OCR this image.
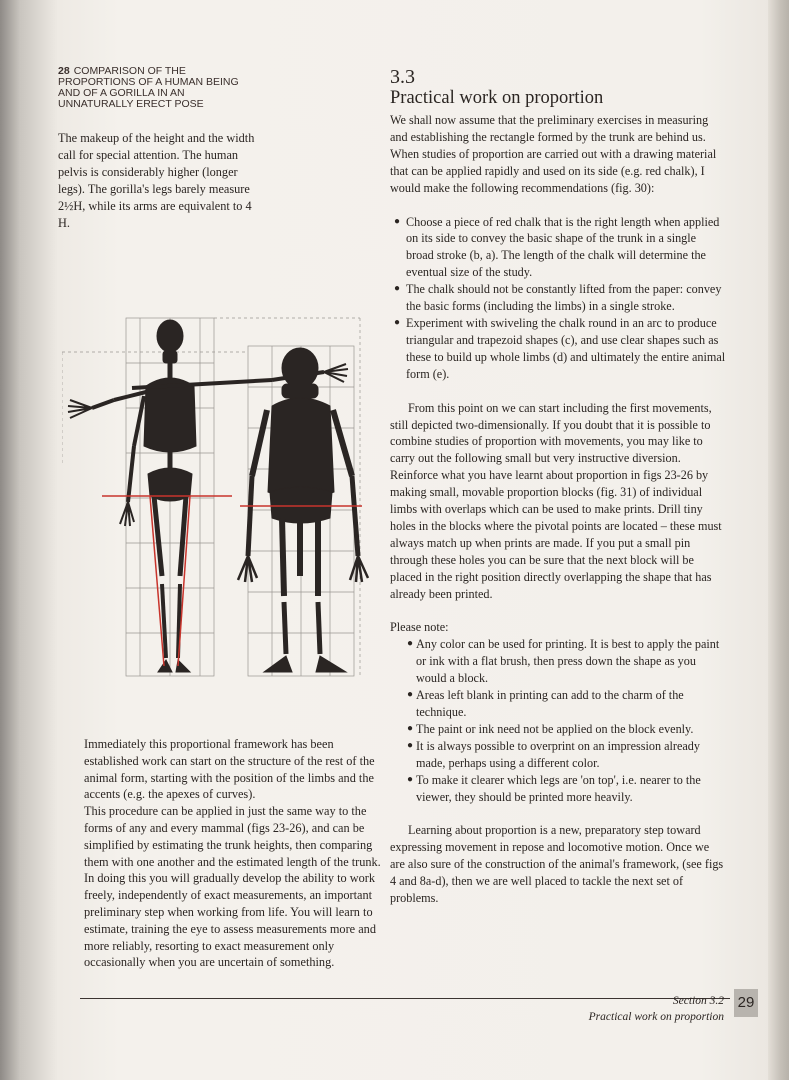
28 COMPARISON OF THE PROPORTIONS OF A HUMAN BEING AND OF A GORILLA IN AN UNNATURALLY ERECT POSE
The makeup of the height and the width call for special attention. The human pelvis is considerably higher (longer legs). The gorilla's legs barely measure 2½H, while its arms are equivalent to 4 H.

Immediately this proportional framework has been established work can start on the structure of the rest of the animal form, starting with the position of the limbs and the accents (e.g. the apexes of curves).

This procedure can be applied in just the same way to the forms of any and every mammal (figs 23-26), and can be simplified by estimating the trunk heights, then comparing them with one another and the estimated length of the trunk. In doing this you will gradually develop the ability to work freely, independently of exact measurements, an important preliminary step when working from life. You will learn to estimate, training the eye to assess measurements more and more reliably, resorting to exact measurement only occasionally when you are uncertain of something.

3.3
Practical work on proportion

We shall now assume that the preliminary exercises in measuring and establishing the rectangle formed by the trunk are behind us. When studies of proportion are carried out with a drawing material that can be applied rapidly and used on its side (e.g. red chalk), I would make the following recommendations (fig. 30):

● Choose a piece of red chalk that is the right length when applied on its side to convey the basic shape of the trunk in a single broad stroke (b, a). The length of the chalk will determine the eventual size of the study.
● The chalk should not be constantly lifted from the paper: convey the basic forms (including the limbs) in a single stroke.
● Experiment with swiveling the chalk round in an arc to produce triangular and trapezoid shapes (c), and use clear shapes such as these to build up whole limbs (d) and ultimately the entire animal form (e).

From this point on we can start including the first movements, still depicted two-dimensionally. If you doubt that it is possible to combine studies of proportion with movements, you may like to carry out the following small but very instructive diversion. Reinforce what you have learnt about proportion in figs 23-26 by making small, movable proportion blocks (fig. 31) of individual limbs with overlaps which can be used to make prints. Drill tiny holes in the blocks where the pivotal points are located – these must always match up when prints are made. If you put a small pin through these holes you can be sure that the next block will be placed in the right position directly overlapping the shape that has already been printed.

Please note:

● Any color can be used for printing. It is best to apply the paint or ink with a flat brush, then press down the shape as you would a block.
● Areas left blank in printing can add to the charm of the technique.
● The paint or ink need not be applied on the block evenly.
● It is always possible to overprint on an impression already made, perhaps using a different color.
● To make it clearer which legs are 'on top', i.e. nearer to the viewer, they should be printed more heavily.

Learning about proportion is a new, preparatory step toward expressing movement in repose and locomotive motion. Once we are also sure of the construction of the animal's framework, (see figs 4 and 8a-d), then we are well placed to tackle the next set of problems.

Section 3.2
Practical work on proportion
29
